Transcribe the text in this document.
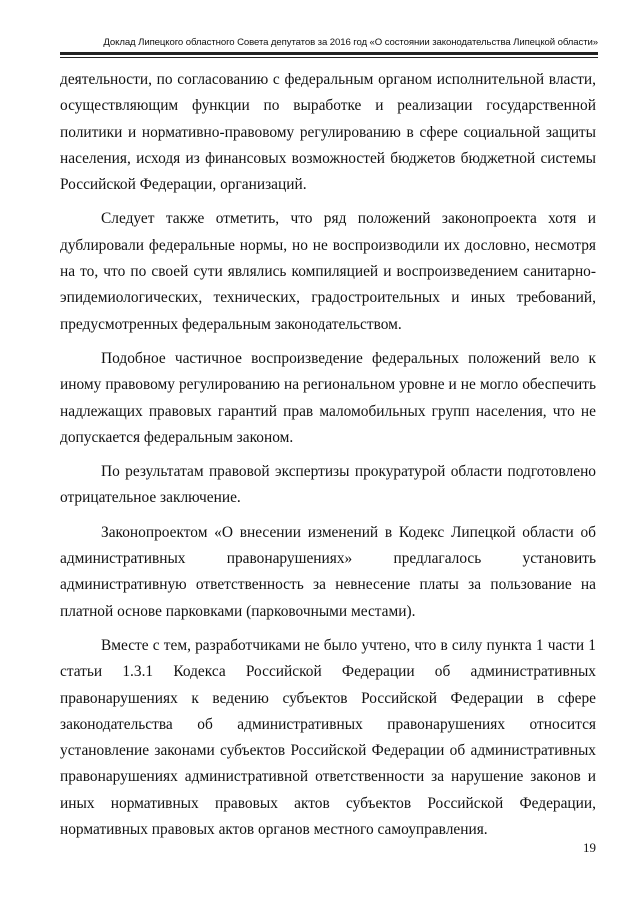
Доклад Липецкого областного Совета депутатов за 2016 год «О состоянии законодательства Липецкой области»

деятельности, по согласованию с федеральным органом исполнительной власти, осуществляющим функции по выработке и реализации государственной политики и нормативно-правовому регулированию в сфере социальной защиты населения, исходя из финансовых возможностей бюджетов бюджетной системы Российской Федерации, организаций.

Следует также отметить, что ряд положений законопроекта хотя и дублировали федеральные нормы, но не воспроизводили их дословно, несмотря на то, что по своей сути являлись компиляцией и воспроизведением санитарно-эпидемиологических, технических, градостроительных и иных требований, предусмотренных федеральным законодательством.

Подобное частичное воспроизведение федеральных положений вело к иному правовому регулированию на региональном уровне и не могло обеспечить надлежащих правовых гарантий прав маломобильных групп населения, что не допускается федеральным законом.

По результатам правовой экспертизы прокуратурой области подготовлено отрицательное заключение.

Законопроектом «О внесении изменений в Кодекс Липецкой области об административных правонарушениях» предлагалось установить административную ответственность за невнесение платы за пользование на платной основе парковками (парковочными местами).

Вместе с тем, разработчиками не было учтено, что в силу пункта 1 части 1 статьи 1.3.1 Кодекса Российской Федерации об административных правонарушениях к ведению субъектов Российской Федерации в сфере законодательства об административных правонарушениях относится установление законами субъектов Российской Федерации об административных правонарушениях административной ответственности за нарушение законов и иных нормативных правовых актов субъектов Российской Федерации, нормативных правовых актов органов местного самоуправления.

19
